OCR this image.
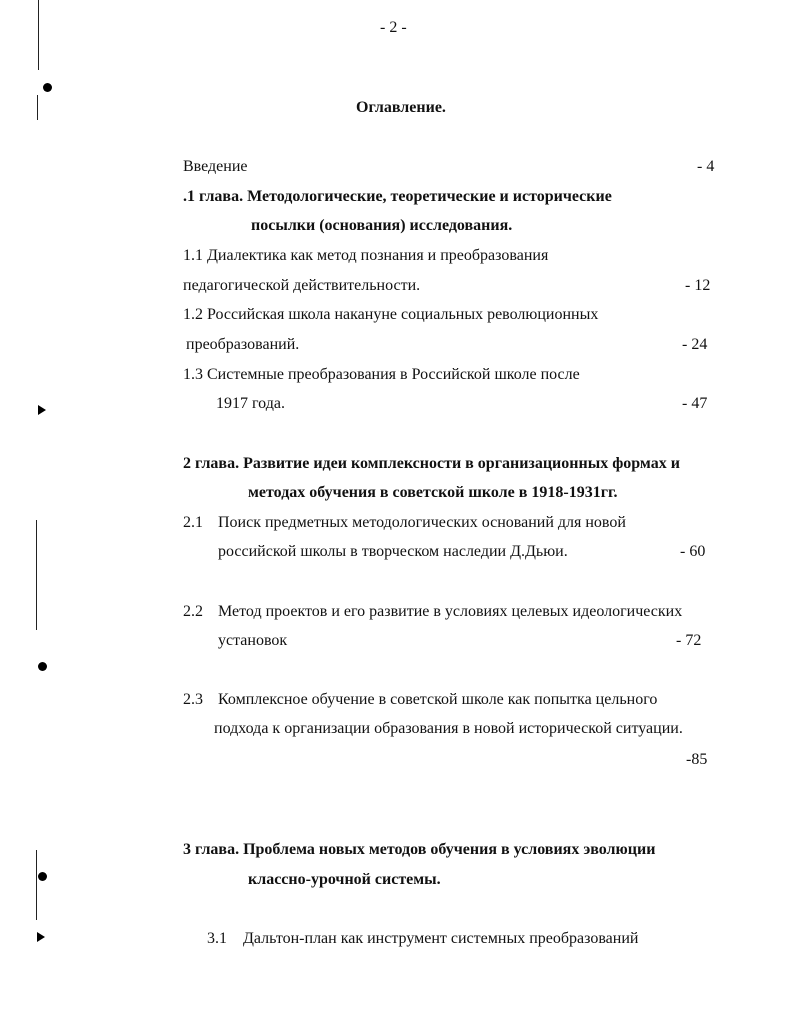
- 2 -
Оглавление.
Введение	- 4
.1 глава. Методологические, теоретические и исторические
посылки (основания) исследования.
1.1 Диалектика как метод познания и преобразования
педагогической действительности.	- 12
1.2 Российская школа накануне социальных революционных
преобразований.	- 24
1.3 Системные преобразования в Российской школе после
1917 года.	- 47
2 глава. Развитие идеи комплексности в организационных формах и
методах обучения в советской школе в 1918-1931гг.
2.1 Поиск предметных методологических оснований для новой
российской школы в творческом наследии Д.Дьюи.	- 60
2.2 Метод проектов и его развитие в условиях целевых идеологических
установок	- 72
2.3 Комплексное обучение в советской школе как попытка цельного
подхода к организации образования в новой исторической ситуации.
-85
3 глава. Проблема новых методов обучения в условиях эволюции
классно-урочной системы.
3.1 Дальтон-план как инструмент системных преобразований
